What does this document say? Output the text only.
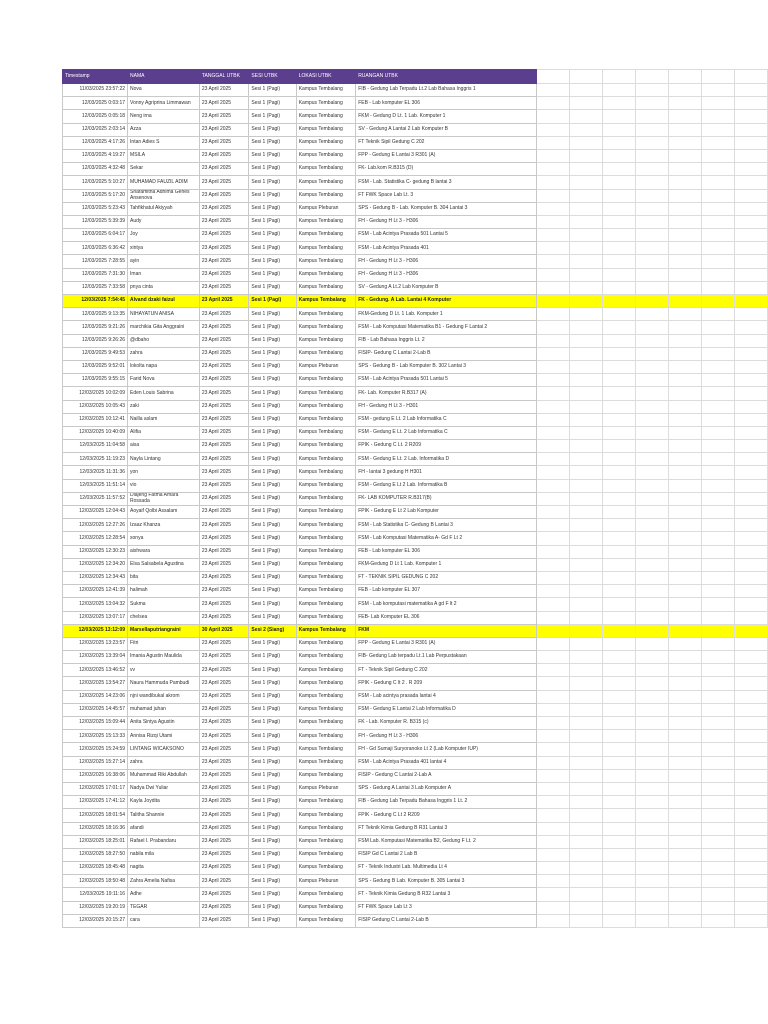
Timestamp	NAMA	TANGGAL UTBK	SESI UTBK	LOKASI UTBK	RUANGAN UTBK							
11/03/2025 23:57:22	Nova	23 April 2025	Sesi 1 (Pagi)	Kampus Tembalang	FIB - Gedung Lab Terpadu Lt.2 Lab Bahasa Inggris 1							
12/03/2025 0:03:17	Vonny Agriprina Limmawan	23 April 2025	Sesi 1 (Pagi)	Kampus Tembalang	FEB - Lab komputer EL 306							
12/03/2025 0:05:18	Neng irna	23 April 2025	Sesi 1 (Pagi)	Kampus Tembalang	FKM - Gedung D Lt. 1 Lab. Komputer 1							
12/03/2025 2:03:14	Azza	23 April 2025	Sesi 1 (Pagi)	Kampus Tembalang	SV - Gedung A Lantai 2 Lab Komputer B							
12/03/2025 4:17:26	Intan Adies S	23 April 2025	Sesi 1 (Pagi)	Kampus Tembalang	FT Teknik Sipil Gedung C 202							
12/03/2025 4:19:27	MSILA	23 April 2025	Sesi 1 (Pagi)	Kampus Tembalang	FPP - Gedung E Lantai 3 R301 (A)							
12/03/2025 4:32:48	Sekar	23 April 2025	Sesi 1 (Pagi)	Kampus Tembalang	FK- Lab.kom R.B315 (D)							
12/03/2025 5:10:27	MUHAMAD FAUZIL ADIM	23 April 2025	Sesi 1 (Pagi)	Kampus Tembalang	FSM - Lab. Statistika C- gedung B lantai 3							
12/03/2025 5:17:20	Shafamitha Adhima Genes Ansenova	23 April 2025	Sesi 1 (Pagi)	Kampus Tembalang	FT FWK Space Lab Lt. 3							
12/03/2025 5:23:43	Tahfikhatul Akiyyah	23 April 2025	Sesi 1 (Pagi)	Kampus Pleburan	SPS - Gedung B - Lab. Komputer B. 304 Lantai 3							
12/03/2025 5:39:39	Audy	23 April 2025	Sesi 1 (Pagi)	Kampus Tembalang	FH - Gedung H Lt 3 - H306							
12/03/2025 6:04:17	Joy	23 April 2025	Sesi 1 (Pagi)	Kampus Tembalang	FSM - Lab Acintya Prasada 501 Lantai 5							
12/03/2025 6:36:42	xintya	23 April 2025	Sesi 1 (Pagi)	Kampus Tembalang	FSM - Lab Acintya Prasada 401							
12/03/2025 7:28:55	ayin	23 April 2025	Sesi 1 (Pagi)	Kampus Tembalang	FH - Gedung H Lt 3 - H306							
12/03/2025 7:31:30	Iman	23 April 2025	Sesi 1 (Pagi)	Kampus Tembalang	FH - Gedung H Lt 3 - H306							
12/03/2025 7:33:58	pnya cinta	23 April 2025	Sesi 1 (Pagi)	Kampus Tembalang	SV - Gedung A Lt.2 Lab Komputer B							
12/03/2025 7:54:45	Alvand dzaki faizul	23 April 2025	Sesi 1 (Pagi)	Kampus Tembalang	FK - Gedung. A Lab. Lantai 4 Komputer							
12/03/2025 9:13:35	NIHAYATUN ANISA	23 April 2025	Sesi 1 (Pagi)	Kampus Tembalang	FKM-Gedung D Lt. 1 Lab. Komputer 1							
12/03/2025 9:21:26	marchikia Gita Anggraini	23 April 2025	Sesi 1 (Pagi)	Kampus Tembalang	FSM - Lab Komputasi Matematika B1 - Gedung F Lantai 2							
12/03/2025 9:26:26	@dbaho	23 April 2025	Sesi 1 (Pagi)	Kampus Tembalang	FIB - Lab Bahasa Inggris Lt. 2							
12/03/2025 9:49:53	zahra	23 April 2025	Sesi 1 (Pagi)	Kampus Tembalang	FISIP- Gedung C Lantai 2-Lab B							
12/03/2025 9:52:01	lokolta napa	23 April 2025	Sesi 1 (Pagi)	Kampus Pleburan	SPS - Gedung B - Lab Komputer B. 302 Lantai 3							
12/03/2025 9:55:15	Farid Nova	23 April 2025	Sesi 1 (Pagi)	Kampus Tembalang	FSM - Lab Acintya Prasada 501 Lantai 5							
12/03/2025 10:02:09	Eden Louis Sabrina	23 April 2025	Sesi 1 (Pagi)	Kampus Tembalang	FK- Lab. Komputer R.B317 (A)							
12/03/2025 10:05:43	zaki	23 April 2025	Sesi 1 (Pagi)	Kampus Tembalang	FH - Gedung H Lt 3 - H301							
12/03/2025 10:12:41	Nailla aslam	23 April 2025	Sesi 1 (Pagi)	Kampus Tembalang	FSM - gedung E Lt. 2 Lab Informatika C							
12/03/2025 10:40:09	Alifia	23 April 2025	Sesi 1 (Pagi)	Kampus Tembalang	FSM - Gedung E Lt. 2 Lab Informatika C							
12/03/2025 11:04:58	aisa	23 April 2025	Sesi 1 (Pagi)	Kampus Tembalang	FPIK - Gedung C Lt. 2 R209							
12/03/2025 11:19:23	Nayla Lintang	23 April 2025	Sesi 1 (Pagi)	Kampus Tembalang	FSM - Gedung E Lt. 2 Lab. Informatika D							
12/03/2025 11:31:36	yon	23 April 2025	Sesi 1 (Pagi)	Kampus Tembalang	FH - lantai 3 gedung H H301							
12/03/2025 11:51:14	vio	23 April 2025	Sesi 1 (Pagi)	Kampus Tembalang	FSM - Gedung E Lt 2 Lab. Informatika B							
12/03/2025 11:57:52	Diajeng Fatma Amara Rossada	23 April 2025	Sesi 1 (Pagi)	Kampus Tembalang	FK- LAB KOMPUTER R.B317(B)							
12/03/2025 12:04:43	Aoyaif Qolbi Assalam	23 April 2025	Sesi 1 (Pagi)	Kampus Tembalang	FPIK - Gedung E Lt 2 Lab Komputer							
12/03/2025 12:27:26	Izaaz Khanza	23 April 2025	Sesi 1 (Pagi)	Kampus Tembalang	FSM - Lab Statistika C- Gedung B Lantai 3							
12/03/2025 12:28:54	sonya	23 April 2025	Sesi 1 (Pagi)	Kampus Tembalang	FSM - Lab Komputasi Matematika A- Gd F Lt 2							
12/03/2025 12:30:23	aishwara	23 April 2025	Sesi 1 (Pagi)	Kampus Tembalang	FEB - Lab komputer EL 306							
12/03/2025 12:34:20	Elsa Salsabela Agustina	23 April 2025	Sesi 1 (Pagi)	Kampus Tembalang	FKM-Gedung D Lt 1 Lab. Komputer 1							
12/03/2025 12:34:43	bita	23 April 2025	Sesi 1 (Pagi)	Kampus Tembalang	FT - TEKNIK SIPIL GEDUNG C 202							
12/03/2025 12:41:39	halimah	23 April 2025	Sesi 1 (Pagi)	Kampus Tembalang	FEB - Lab komputer EL 307							
12/03/2025 13:04:32	Sukma	23 April 2025	Sesi 1 (Pagi)	Kampus Tembalang	FSM - Lab komputasi matematika A gd F lt 2							
12/03/2025 13:07:17	chelsea	23 April 2025	Sesi 1 (Pagi)	Kampus Tembalang	FEB- Lab Komputer EL 306							
12/03/2025 13:12:09	Marsellaputriangraini	30 April 2025	Sesi 2 (Siang)	Kampus Tembalang	FKM							
12/03/2025 13:23:57	Fitri	23 April 2025	Sesi 1 (Pagi)	Kampus Tembalang	FPP - Gedung E Lantai 3 R301 (A)							
12/03/2025 13:39:04	Imania Agustin Maulida	23 April 2025	Sesi 1 (Pagi)	Kampus Tembalang	FIB- Gedung Lab terpadu Lt.1 Lab Perpustakaan							
12/03/2025 13:46:52	vv	23 April 2025	Sesi 1 (Pagi)	Kampus Tembalang	FT - Teknik Sipil Gedung C 202							
12/03/2025 13:54:27	Naura Hammuda Pambudi	23 April 2025	Sesi 1 (Pagi)	Kampus Tembalang	FPIK - Gedung C lt 2 . R 209							
12/03/2025 14:23:06	njni wandibukal akrom	23 April 2025	Sesi 1 (Pagi)	Kampus Tembalang	FSM - Lab acintya prasada lantai 4							
12/03/2025 14:45:57	muhamad juhan	23 April 2025	Sesi 1 (Pagi)	Kampus Tembalang	FSM - Gedung E Lantai 2 Lab Informatika D							
12/03/2025 15:09:44	Anita Sintya Agustin	23 April 2025	Sesi 1 (Pagi)	Kampus Tembalang	FK - Lab. Komputer R. B315 (c)							
12/03/2025 15:13:33	Annisa Rizqi Utami	23 April 2025	Sesi 1 (Pagi)	Kampus Tembalang	FH - Gedung H Lt 3 - H306							
12/03/2025 15:24:59	LINTANG WICAKSONO	23 April 2025	Sesi 1 (Pagi)	Kampus Tembalang	FH - Gd Sumaji Suryoranoko Lt 2 (Lab Komputer IUP)							
12/03/2025 15:27:14	zahra	23 April 2025	Sesi 1 (Pagi)	Kampus Tembalang	FSM - Lab Acintya Prasada 401 lantai 4							
12/03/2025 16:38:06	Muhammad Riki Abdullah	23 April 2025	Sesi 1 (Pagi)	Kampus Tembalang	FISIP - Gedung C Lantai 2-Lab A							
12/03/2025 17:01:17	Nadya Dwi Yuliar	23 April 2025	Sesi 1 (Pagi)	Kampus Pleburan	SPS - Gedung A Lantai 3 Lab Komputer A							
12/03/2025 17:41:12	Kayla Joydita	23 April 2025	Sesi 1 (Pagi)	Kampus Tembalang	FIB - Gedung Lab Terpadu Bahasa Inggris 1 Lt. 2							
12/03/2025 18:01:54	Talitha Shannie	23 April 2025	Sesi 1 (Pagi)	Kampus Tembalang	FPIK - Gedung C Lt 2 R209							
12/03/2025 18:16:36	afandi	23 April 2025	Sesi 1 (Pagi)	Kampus Tembalang	FT Teknik Kimia Gedung B R31 Lantai 3							
12/03/2025 18:25:01	Rafael I. Prabandaru	23 April 2025	Sesi 1 (Pagi)	Kampus Tembalang	FSM Lab. Komputasi Matematika B2, Gedung F Lt. 2							
12/03/2025 18:27:50	nabila mila	23 April 2025	Sesi 1 (Pagi)	Kampus Tembalang	FISIP Gd C Lantai 2 Lab B							
12/03/2025 18:45:48	nagita	23 April 2025	Sesi 1 (Pagi)	Kampus Tembalang	FT - Teknik Industri Lab. Multimedia Lt 4							
12/03/2025 18:50:48	Zahra Amelia Nafisa	23 April 2025	Sesi 1 (Pagi)	Kampus Pleburan	SPS - Gedung B Lab. Komputer B. 305 Lantai 3							
12/03/2025 19:11:16	Adhe	23 April 2025	Sesi 1 (Pagi)	Kampus Tembalang	FT - Teknik Kimia Gedung B R32 Lantai 3							
12/03/2025 19:20:19	TEGAR	23 April 2025	Sesi 1 (Pagi)	Kampus Tembalang	FT FWK Space Lab Lt 3							
12/03/2025 20:15:27	cara	23 April 2025	Sesi 1 (Pagi)	Kampus Tembalang	FISIP Gedung C Lantai 2-Lab B							
